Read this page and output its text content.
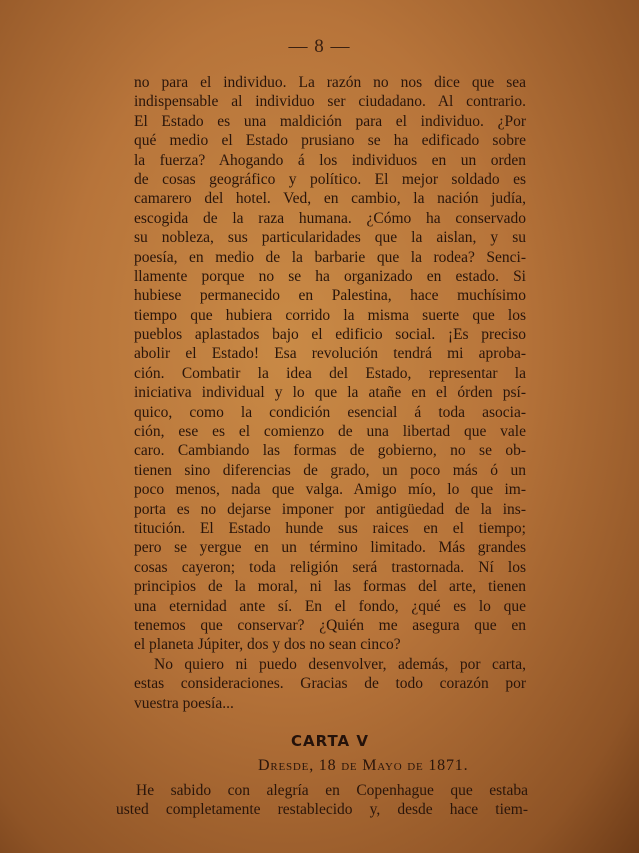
— 8 —
no para el individuo. La razón no nos dice que sea
indispensable al individuo ser ciudadano. Al contrario.
El Estado es una maldición para el individuo. ¿Por
qué medio el Estado prusiano se ha edificado sobre
la fuerza? Ahogando á los individuos en un orden
de cosas geográfico y político. El mejor soldado es
camarero del hotel. Ved, en cambio, la nación judía,
escogida de la raza humana. ¿Cómo ha conservado
su nobleza, sus particularidades que la aislan, y su
poesía, en medio de la barbarie que la rodea? Senci-
llamente porque no se ha organizado en estado. Si
hubiese permanecido en Palestina, hace muchísimo
tiempo que hubiera corrido la misma suerte que los
pueblos aplastados bajo el edificio social. ¡Es preciso
abolir el Estado! Esa revolución tendrá mi aproba-
ción. Combatir la idea del Estado, representar la
iniciativa individual y lo que la atañe en el órden psí-
quico, como la condición esencial á toda asocia-
ción, ese es el comienzo de una libertad que vale
caro. Cambiando las formas de gobierno, no se ob-
tienen sino diferencias de grado, un poco más ó un
poco menos, nada que valga. Amigo mío, lo que im-
porta es no dejarse imponer por antigüedad de la ins-
titución. El Estado hunde sus raices en el tiempo;
pero se yergue en un término limitado. Más grandes
cosas cayeron; toda religión será trastornada. Ní los
principios de la moral, ni las formas del arte, tienen
una eternidad ante sí. En el fondo, ¿qué es lo que
tenemos que conservar? ¿Quién me asegura que en
el planeta Júpiter, dos y dos no sean cinco?
No quiero ni puedo desenvolver, además, por carta,
estas consideraciones. Gracias de todo corazón por
vuestra poesía...
CARTA V
Dresde, 18 de Mayo de 1871.
He sabido con alegría en Copenhague que estaba
usted completamente restablecido y, desde hace tiem-
